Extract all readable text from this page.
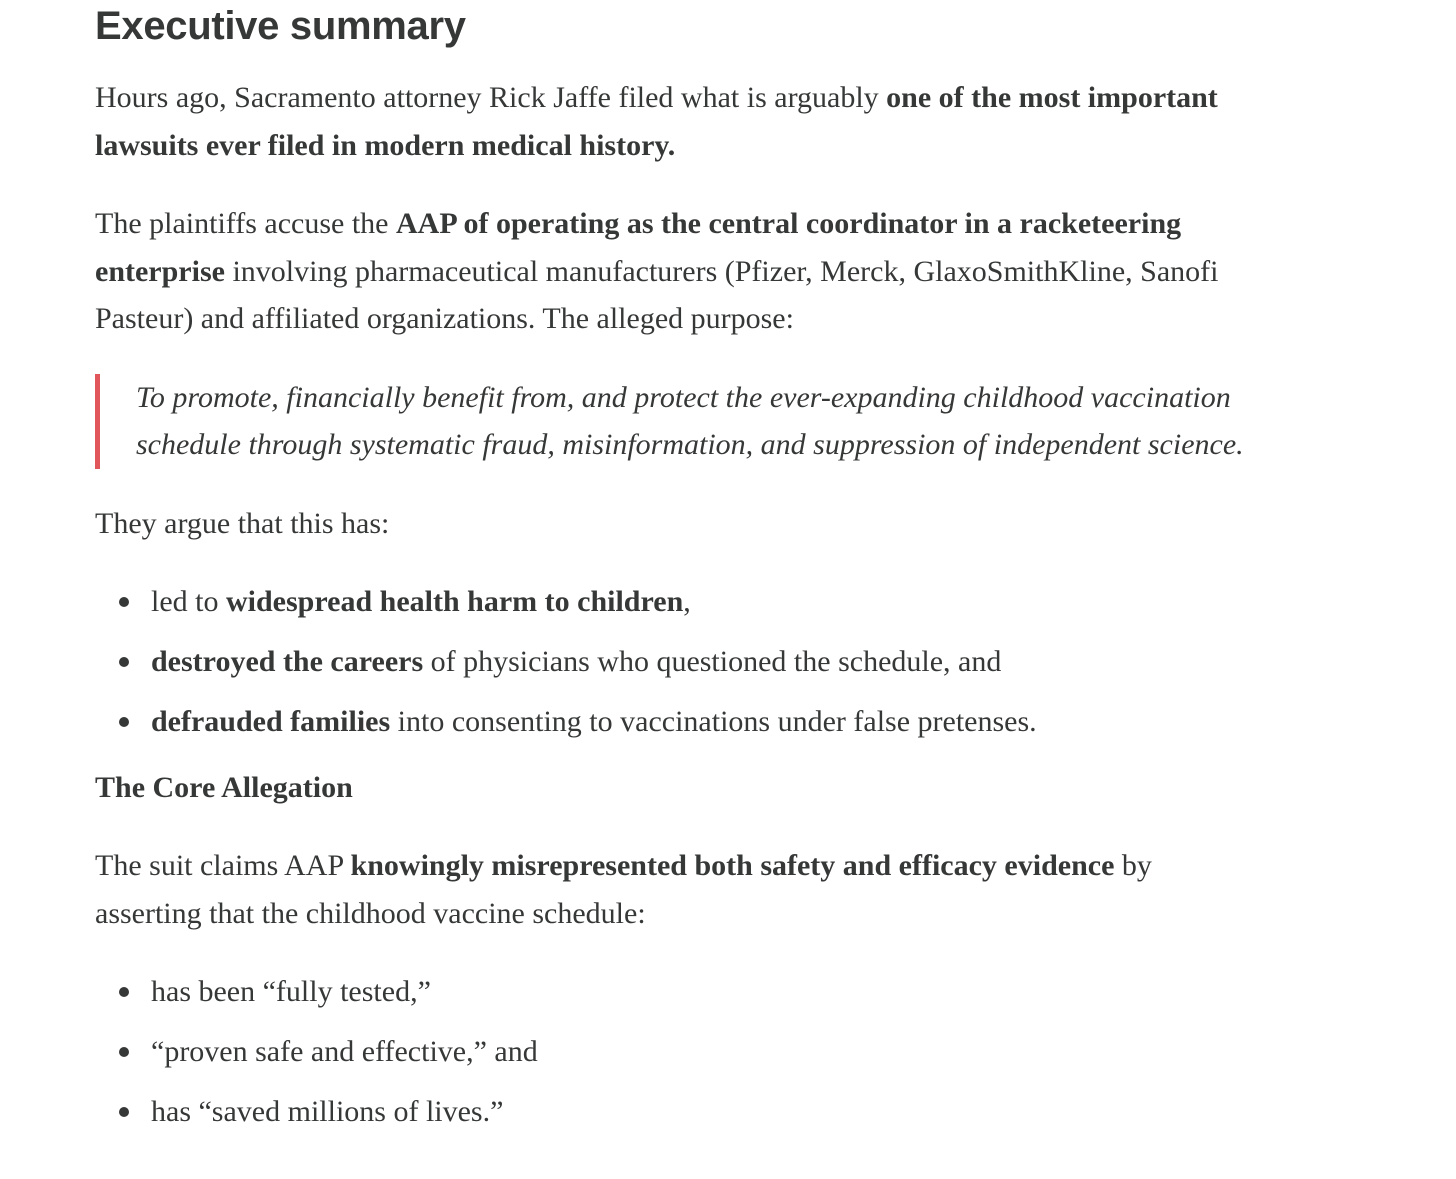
Executive summary

Hours ago, Sacramento attorney Rick Jaffe filed what is arguably one of the most important lawsuits ever filed in modern medical history.

The plaintiffs accuse the AAP of operating as the central coordinator in a racketeering enterprise involving pharmaceutical manufacturers (Pfizer, Merck, GlaxoSmithKline, Sanofi Pasteur) and affiliated organizations. The alleged purpose:

To promote, financially benefit from, and protect the ever-expanding childhood vaccination schedule through systematic fraud, misinformation, and suppression of independent science.

They argue that this has:

led to widespread health harm to children,
destroyed the careers of physicians who questioned the schedule, and
defrauded families into consenting to vaccinations under false pretenses.
The Core Allegation

The suit claims AAP knowingly misrepresented both safety and efficacy evidence by asserting that the childhood vaccine schedule:

has been “fully tested,”
“proven safe and effective,” and
has “saved millions of lives.”
